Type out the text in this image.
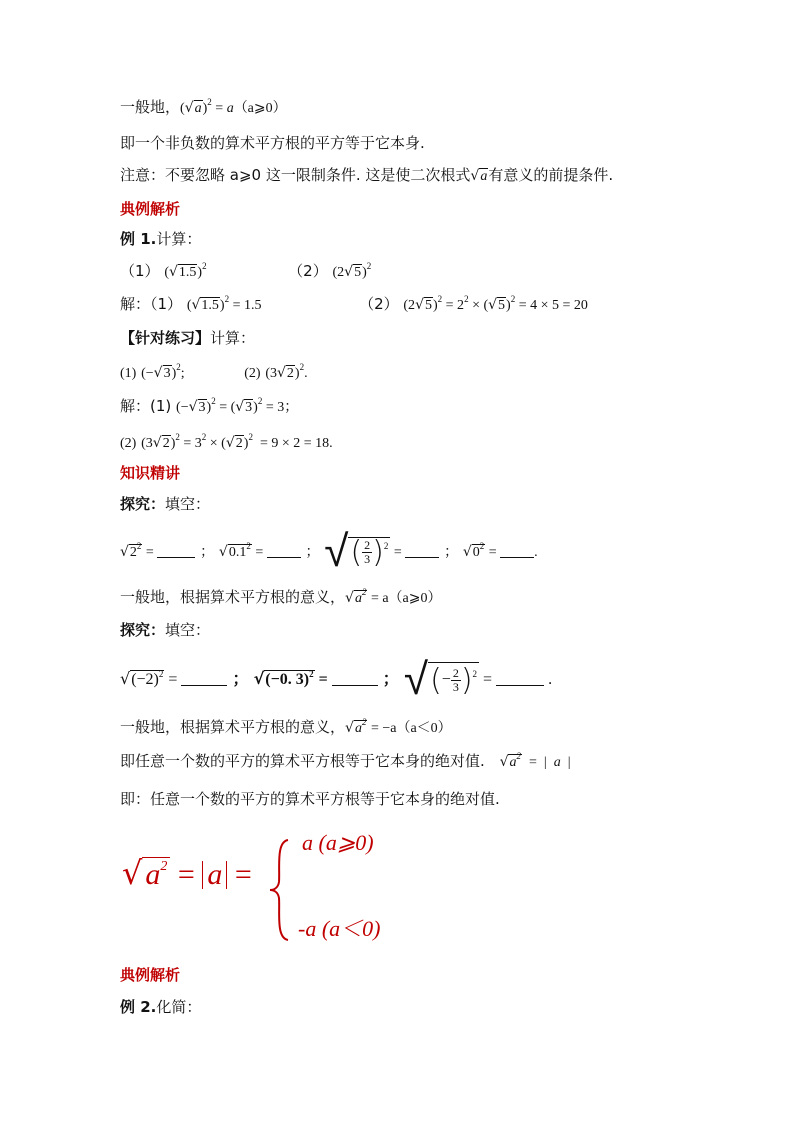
一般地，$(√a)^2$ = a（a⩾0）
即一个非负数的算术平方根的平方等于它本身.
注意：不要忽略 a⩾0 这一限制条件. 这是使二次根式√a有意义的前提条件.
典例解析
例 1.计算：
（1） $(√1.5)^2$	（2） $(2√5)^2$
解：（1） $(√1.5)^2 = 1.5$	（2） $(2√5)^2 = 2^2 \times (√5)^2 = 4 \times 5 = 20$
【针对练习】计算：
(1) $(-√3)^2$;	(2) $(3√2)^2$.
解：(1) $(-√3)^2 = (√3)^2 = 3$；
(2) $(3√2)^2 = 3^2 \times (√2)^2 = 9 \times 2 = 18$.
知识精讲
探究：填空：
$√2^2$ =	； $√0.1^2$ =	； √( $\frac{2}{3} )^2$ =	； $√0^2$ = .
一般地，根据算术平方根的意义，$√a^2$ = a（a⩾0）
探究：填空：
$√(-2)^2$ =	； √(−0. 3)$^2$ =	； √(− $\frac{2}{3} )^2$ =	.
一般地，根据算术平方根的意义，$√a^2 = -a(a<0)$
即任意一个数的平方的算术平方根等于它本身的绝对值. $√a^2$  =  |  a  |
即：任意一个数的平方的算术平方根等于它本身的绝对值.
√ $a^2 = a$ =
a (a⩾0)
-a (a＜0)
典例解析
例 2.化简：
